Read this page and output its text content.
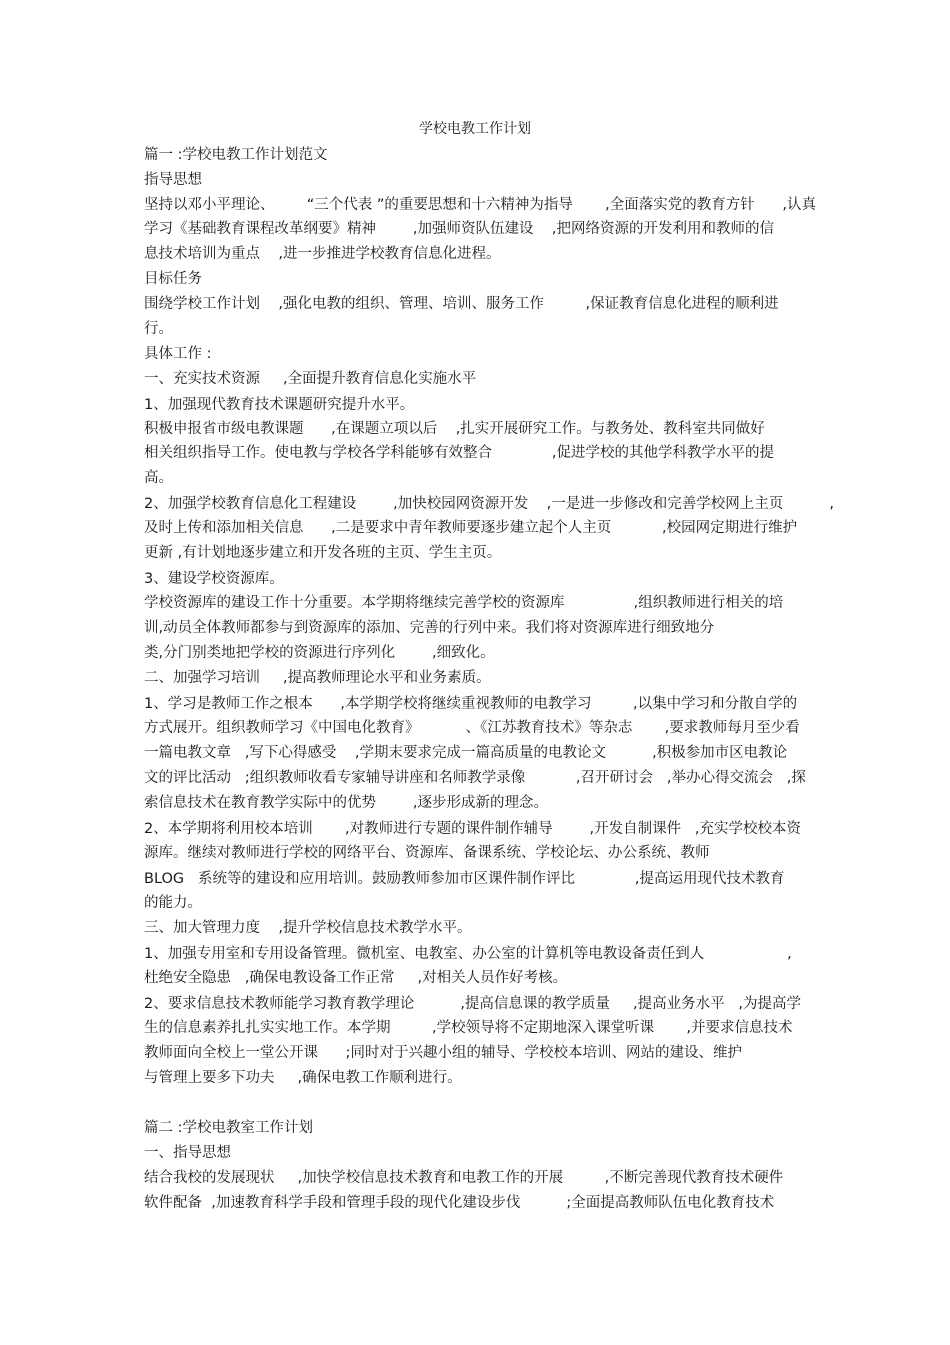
学校电教工作计划
篇一 :学校电教工作计划范文
指导思想
坚持以邓小平理论、       “三个代表 ”的重要思想和十六精神为指导       ,全面落实党的教育方针      ,认真
学习《基础教育课程改革纲要》精神        ,加强师资队伍建设    ,把网络资源的开发利用和教师的信
息技术培训为重点    ,进一步推进学校教育信息化进程。
目标任务
围绕学校工作计划    ,强化电教的组织、管理、培训、服务工作         ,保证教育信息化进程的顺利进
行。
具体工作 :
一、充实技术资源     ,全面提升教育信息化实施水平
1、加强现代教育技术课题研究提升水平。
积极申报省市级电教课题      ,在课题立项以后    ,扎实开展研究工作。与教务处、教科室共同做好
相关组织指导工作。使电教与学校各学科能够有效整合             ,促进学校的其他学科教学水平的提
高。
2、加强学校教育信息化工程建设        ,加快校园网资源开发    ,一是进一步修改和完善学校网上主页          ,
及时上传和添加相关信息      ,二是要求中青年教师要逐步建立起个人主页           ,校园网定期进行维护
更新 ,有计划地逐步建立和开发各班的主页、学生主页。
3、建设学校资源库。
学校资源库的建设工作十分重要。本学期将继续完善学校的资源库               ,组织教师进行相关的培
训,动员全体教师都参与到资源库的添加、完善的行列中来。我们将对资源库进行细致地分
类,分门别类地把学校的资源进行序列化        ,细致化。
二、加强学习培训     ,提高教师理论水平和业务素质。
1、学习是教师工作之根本      ,本学期学校将继续重视教师的电教学习         ,以集中学习和分散自学的
方式展开。组织教师学习《中国电化教育》          、《江苏教育技术》等杂志       ,要求教师每月至少看
一篇电教文章   ,写下心得感受    ,学期末要求完成一篇高质量的电教论文          ,积极参加市区电教论
文的评比活动   ;组织教师收看专家辅导讲座和名师教学录像           ,召开研讨会   ,举办心得交流会   ,探
索信息技术在教育教学实际中的优势        ,逐步形成新的理念。
2、本学期将利用校本培训       ,对教师进行专题的课件制作辅导        ,开发自制课件   ,充实学校校本资
源库。继续对教师进行学校的网络平台、资源库、备课系统、学校论坛、办公系统、教师
BLOG   系统等的建设和应用培训。鼓励教师参加市区课件制作评比             ,提高运用现代技术教育
的能力。
三、加大管理力度    ,提升学校信息技术教学水平。
1、加强专用室和专用设备管理。微机室、电教室、办公室的计算机等电教设备责任到人                  ,
杜绝安全隐患   ,确保电教设备工作正常     ,对相关人员作好考核。
2、要求信息技术教师能学习教育教学理论          ,提高信息课的教学质量     ,提高业务水平   ,为提高学
生的信息素养扎扎实实地工作。本学期         ,学校领导将不定期地深入课堂听课       ,并要求信息技术
教师面向全校上一堂公开课      ;同时对于兴趣小组的辅导、学校校本培训、网站的建设、维护
与管理上要多下功夫     ,确保电教工作顺利进行。
篇二 :学校电教室工作计划
一、指导思想
结合我校的发展现状     ,加快学校信息技术教育和电教工作的开展         ,不断完善现代教育技术硬件
软件配备  ,加速教育科学手段和管理手段的现代化建设步伐          ;全面提高教师队伍电化教育技术
